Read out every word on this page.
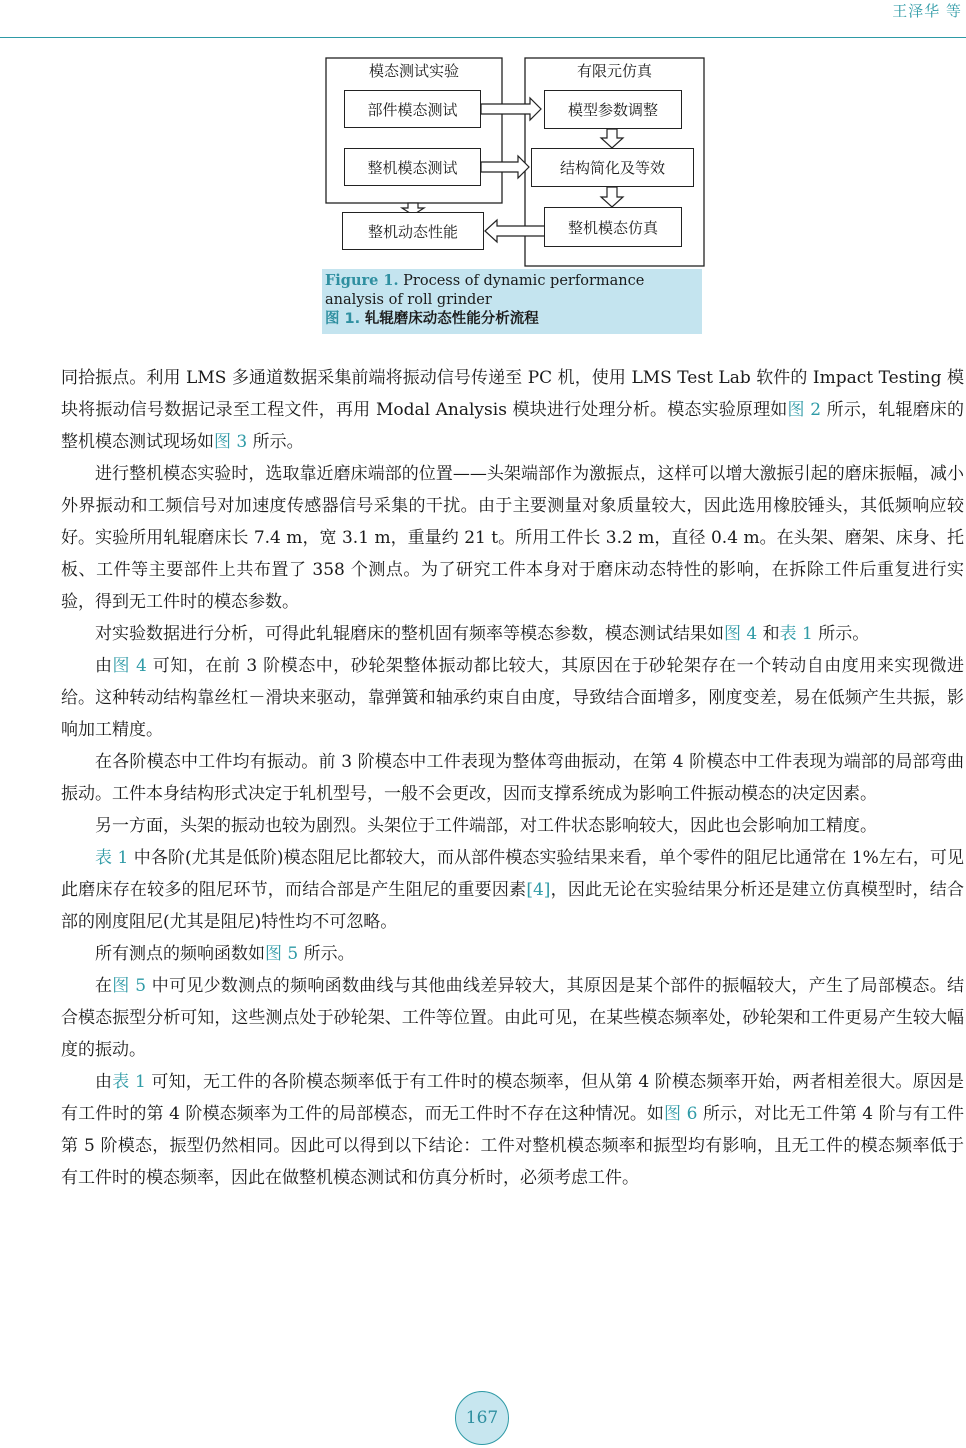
王泽华 等
模态测试实验	有限元仿真
部件模态测试
整机模态测试
模型参数调整
结构简化及等效
整机模态仿真
整机动态性能
Figure 1. Process of dynamic performance analysis of roll grinder
图 1. 轧辊磨床动态性能分析流程

同拾振点。利用 LMS 多通道数据采集前端将振动信号传递至 PC 机，使用 LMS Test Lab 软件的 Impact Testing 模块将振动信号数据记录至工程文件，再用 Modal Analysis 模块进行处理分析。模态实验原理如图 2 所示，轧辊磨床的整机模态测试现场如图 3 所示。

进行整机模态实验时，选取靠近磨床端部的位置——头架端部作为激振点，这样可以增大激振引起的磨床振幅，减小外界振动和工频信号对加速度传感器信号采集的干扰。由于主要测量对象质量较大，因此选用橡胶锤头，其低频响应较好。实验所用轧辊磨床长 7.4 m，宽 3.1 m，重量约 21 t。所用工件长 3.2 m，直径 0.4 m。在头架、磨架、床身、托板、工件等主要部件上共布置了 358 个测点。为了研究工件本身对于磨床动态特性的影响，在拆除工件后重复进行实验，得到无工件时的模态参数。

对实验数据进行分析，可得此轧辊磨床的整机固有频率等模态参数，模态测试结果如图 4 和表 1 所示。

由图 4 可知，在前 3 阶模态中，砂轮架整体振动都比较大，其原因在于砂轮架存在一个转动自由度用来实现微进给。这种转动结构靠丝杠－滑块来驱动，靠弹簧和轴承约束自由度，导致结合面增多，刚度变差，易在低频产生共振，影响加工精度。

在各阶模态中工件均有振动。前 3 阶模态中工件表现为整体弯曲振动，在第 4 阶模态中工件表现为端部的局部弯曲振动。工件本身结构形式决定于轧机型号，一般不会更改，因而支撑系统成为影响工件振动模态的决定因素。

另一方面，头架的振动也较为剧烈。头架位于工件端部，对工件状态影响较大，因此也会影响加工精度。

表 1 中各阶(尤其是低阶)模态阻尼比都较大，而从部件模态实验结果来看，单个零件的阻尼比通常在 1%左右，可见此磨床存在较多的阻尼环节，而结合部是产生阻尼的重要因素[4]，因此无论在实验结果分析还是建立仿真模型时，结合部的刚度阻尼(尤其是阻尼)特性均不可忽略。

所有测点的频响函数如图 5 所示。

在图 5 中可见少数测点的频响函数曲线与其他曲线差异较大，其原因是某个部件的振幅较大，产生了局部模态。结合模态振型分析可知，这些测点处于砂轮架、工件等位置。由此可见，在某些模态频率处，砂轮架和工件更易产生较大幅度的振动。

由表 1 可知，无工件的各阶模态频率低于有工件时的模态频率，但从第 4 阶模态频率开始，两者相差很大。原因是有工件时的第 4 阶模态频率为工件的局部模态，而无工件时不存在这种情况。如图 6 所示，对比无工件第 4 阶与有工件第 5 阶模态，振型仍然相同。因此可以得到以下结论：工件对整机模态频率和振型均有影响，且无工件的模态频率低于有工件时的模态频率，因此在做整机模态测试和仿真分析时，必须考虑工件。

167
